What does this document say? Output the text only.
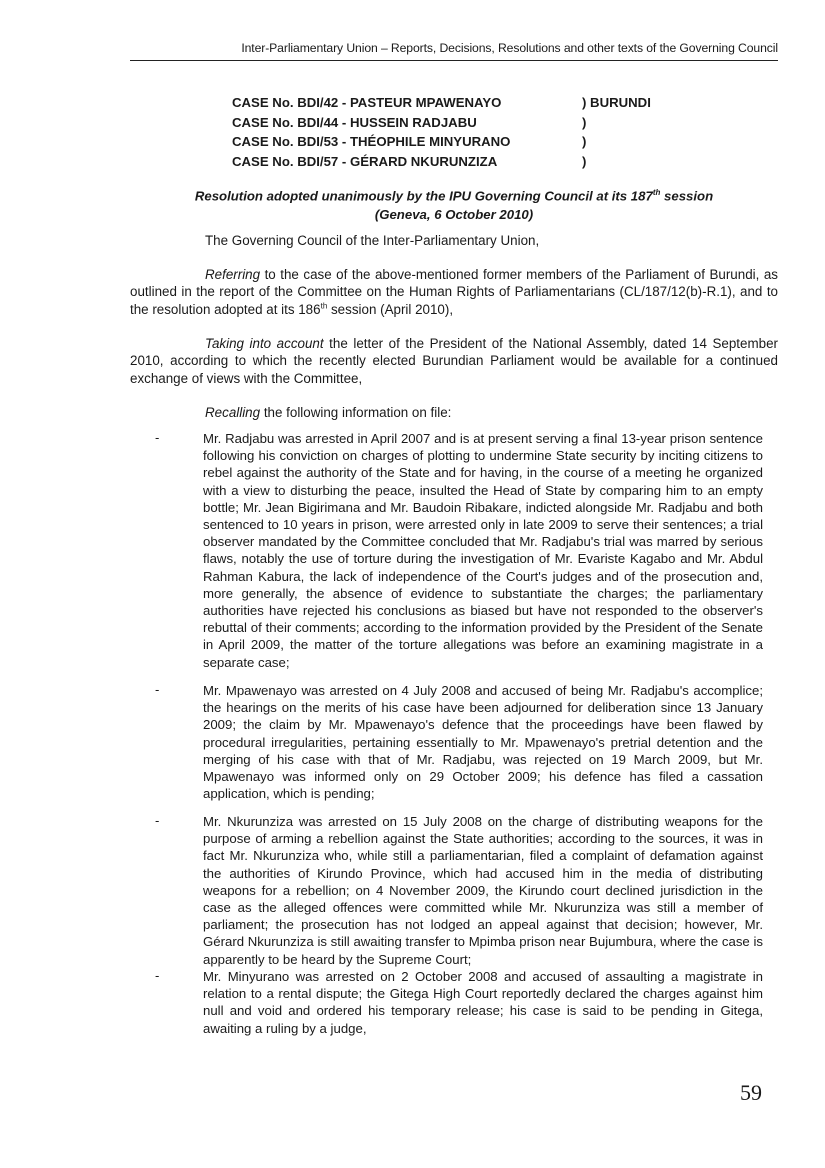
Inter-Parliamentary Union – Reports, Decisions, Resolutions and other texts of the Governing Council
CASE No. BDI/42 - PASTEUR MPAWENAYO	) BURUNDI
CASE No. BDI/44 - HUSSEIN RADJABU	)
CASE No. BDI/53 - THÉOPHILE MINYURANO	)
CASE No. BDI/57 - GÉRARD NKURUNZIZA	)
Resolution adopted unanimously by the IPU Governing Council at its 187th session
(Geneva, 6 October 2010)
The Governing Council of the Inter-Parliamentary Union,
Referring to the case of the above-mentioned former members of the Parliament of Burundi, as outlined in the report of the Committee on the Human Rights of Parliamentarians (CL/187/12(b)-R.1), and to the resolution adopted at its 186th session (April 2010),
Taking into account the letter of the President of the National Assembly, dated 14 September 2010, according to which the recently elected Burundian Parliament would be available for a continued exchange of views with the Committee,
Recalling the following information on file:
-	Mr. Radjabu was arrested in April 2007 and is at present serving a final 13-year prison sentence following his conviction on charges of plotting to undermine State security by inciting citizens to rebel against the authority of the State and for having, in the course of a meeting he organized with a view to disturbing the peace, insulted the Head of State by comparing him to an empty bottle; Mr. Jean Bigirimana and Mr. Baudoin Ribakare, indicted alongside Mr. Radjabu and both sentenced to 10 years in prison, were arrested only in late 2009 to serve their sentences; a trial observer mandated by the Committee concluded that Mr. Radjabu's trial was marred by serious flaws, notably the use of torture during the investigation of Mr. Evariste Kagabo and Mr. Abdul Rahman Kabura, the lack of independence of the Court's judges and of the prosecution and, more generally, the absence of evidence to substantiate the charges; the parliamentary authorities have rejected his conclusions as biased but have not responded to the observer's rebuttal of their comments; according to the information provided by the President of the Senate in April 2009, the matter of the torture allegations was before an examining magistrate in a separate case;
-	Mr. Mpawenayo was arrested on 4 July 2008 and accused of being Mr. Radjabu's accomplice; the hearings on the merits of his case have been adjourned for deliberation since 13 January 2009; the claim by Mr. Mpawenayo's defence that the proceedings have been flawed by procedural irregularities, pertaining essentially to Mr. Mpawenayo's pretrial detention and the merging of his case with that of Mr. Radjabu, was rejected on 19 March 2009, but Mr. Mpawenayo was informed only on 29 October 2009; his defence has filed a cassation application, which is pending;
-	Mr. Nkurunziza was arrested on 15 July 2008 on the charge of distributing weapons for the purpose of arming a rebellion against the State authorities; according to the sources, it was in fact Mr. Nkurunziza who, while still a parliamentarian, filed a complaint of defamation against the authorities of Kirundo Province, which had accused him in the media of distributing weapons for a rebellion; on 4 November 2009, the Kirundo court declined jurisdiction in the case as the alleged offences were committed while Mr. Nkurunziza was still a member of parliament; the prosecution has not lodged an appeal against that decision; however, Mr. Gérard Nkurunziza is still awaiting transfer to Mpimba prison near Bujumbura, where the case is apparently to be heard by the Supreme Court;
-	Mr. Minyurano was arrested on 2 October 2008 and accused of assaulting a magistrate in relation to a rental dispute; the Gitega High Court reportedly declared the charges against him null and void and ordered his temporary release; his case is said to be pending in Gitega, awaiting a ruling by a judge,
59
